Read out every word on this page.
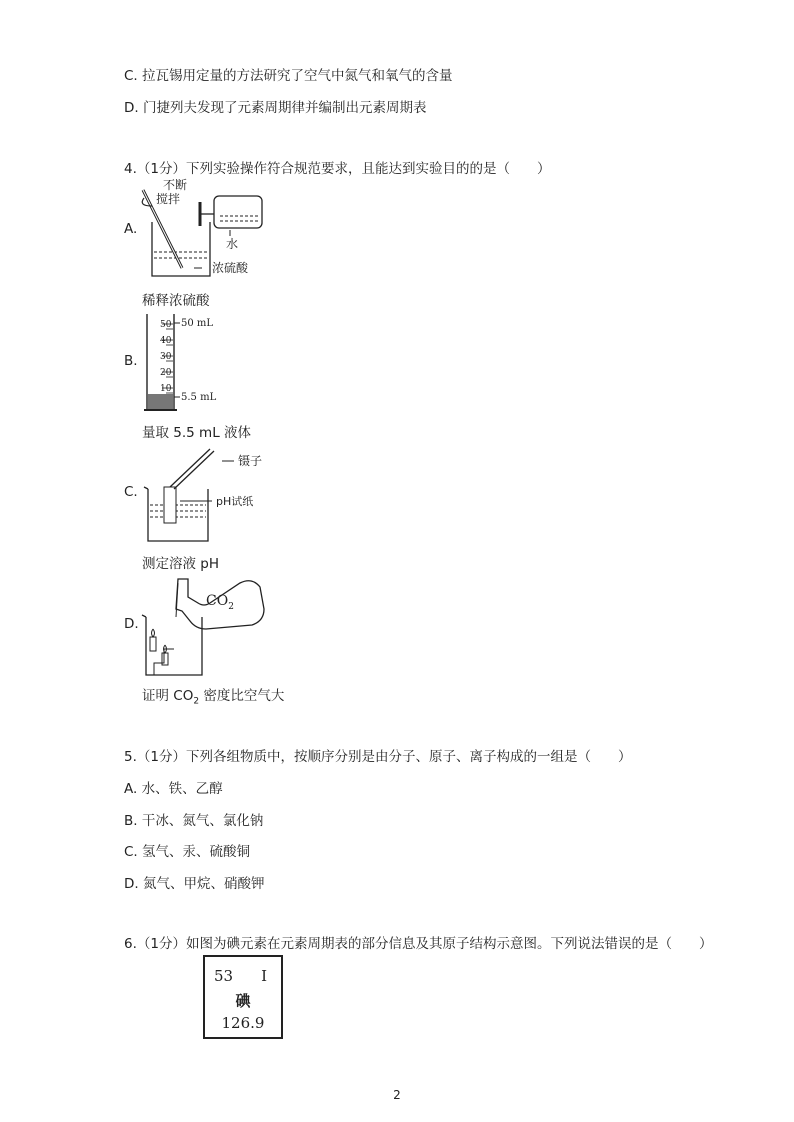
C. 拉瓦锡用定量的方法研究了空气中氮气和氧气的含量
D. 门捷列夫发现了元素周期律并编制出元素周期表
4.（1分）下列实验操作符合规范要求，且能达到实验目的的是（　　）
A.
不断
搅拌
水
浓硫酸
稀释浓硫酸
B.
50
40
30
20
10
50 mL
5.5 mL
量取 5.5 mL 液体
C.
镊子
pH试纸
测定溶液 pH
D.
$CO_2$
证明 $CO_2$ 密度比空气大
5.（1分）下列各组物质中，按顺序分别是由分子、原子、离子构成的一组是（　　）
A. 水、铁、乙醇
B. 干冰、氮气、氯化钠
C. 氢气、汞、硫酸铜
D. 氮气、甲烷、硝酸钾
6.（1分）如图为碘元素在元素周期表的部分信息及其原子结构示意图。下列说法错误的是（　　）
53 I
碘
126.9
2
